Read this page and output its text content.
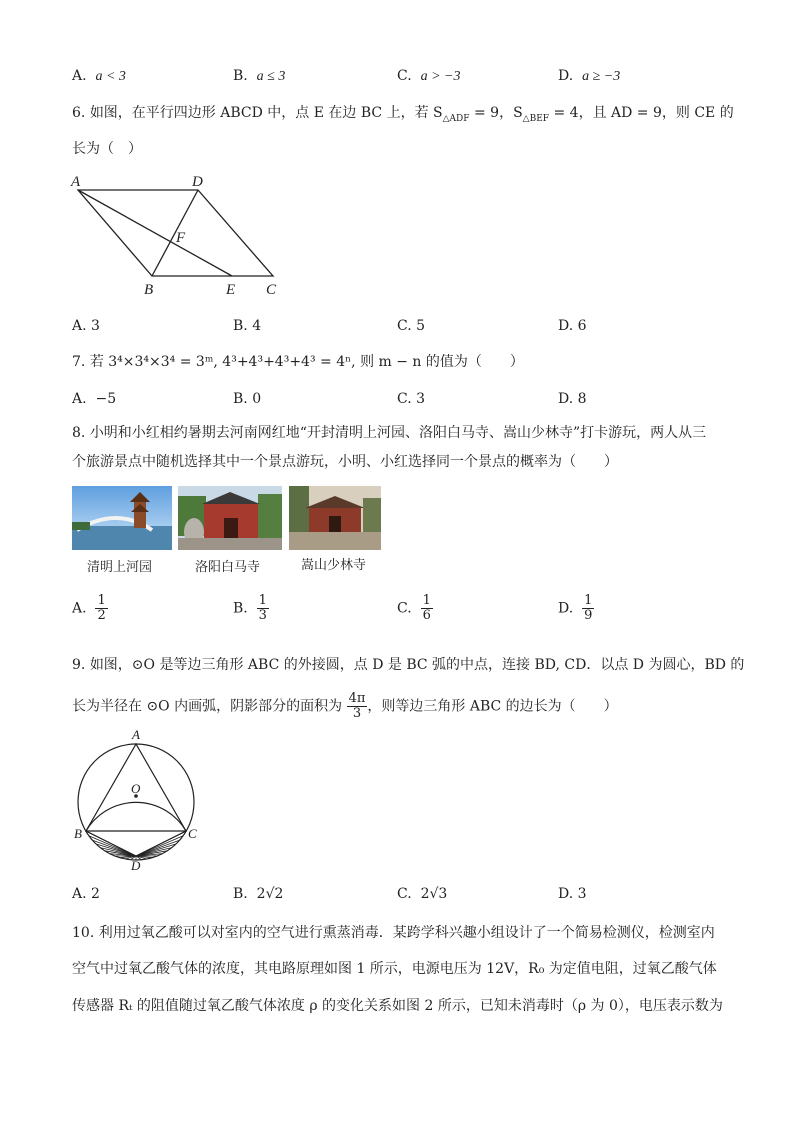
A. a < 3	B. a ≤ 3	C. a > −3	D. a ≥ −3
6. 如图，在平行四边形 ABCD 中，点 E 在边 BC 上，若 $S_{\triangle ADF} = 9$，$S_{\triangle BEF} = 4$，且 AD = 9，则 CE 的
长为（　）
A	D
F
B	E C
A. 3	B. 4	C. 5	D. 6
7. 若 3⁴×3⁴×3⁴ = 3ᵐ, 4³+4³+4³+4³ = 4ⁿ, 则 m − n 的值为（　　）
A. −5	B. 0	C. 3	D. 8
8. 小明和小红相约暑期去河南网红地“开封清明上河园、洛阳白马寺、嵩山少林寺”打卡游玩，两人从三
个旅游景点中随机选择其中一个景点游玩，小明、小红选择同一个景点的概率为（　　）
清明上河园	洛阳白马寺	嵩山少林寺
A. $\frac{1}{2}$	B. $\frac{1}{3}$	C. $\frac{1}{6}$	D. $\frac{1}{9}$
9. 如图，⊙O 是等边三角形 ABC 的外接圆，点 D 是 BC 弧的中点，连接 BD, CD．以点 D 为圆心，BD 的
长为半径在 ⊙O 内画弧，阴影部分的面积为 $\frac{4\pi}{3}$ ，则等边三角形 ABC 的边长为（　　）
A
O
B	C
D
A. 2	B. 2√2	C. 2√3	D. 3
10. 利用过氧乙酸可以对室内的空气进行熏蒸消毒．某跨学科兴趣小组设计了一个简易检测仪，检测室内
空气中过氧乙酸气体的浓度，其电路原理如图 1 所示，电源电压为 12V，R₀ 为定值电阻，过氧乙酸气体
传感器 Rₜ 的阻值随过氧乙酸气体浓度 ρ 的变化关系如图 2 所示，已知未消毒时（ρ 为 0），电压表示数为
